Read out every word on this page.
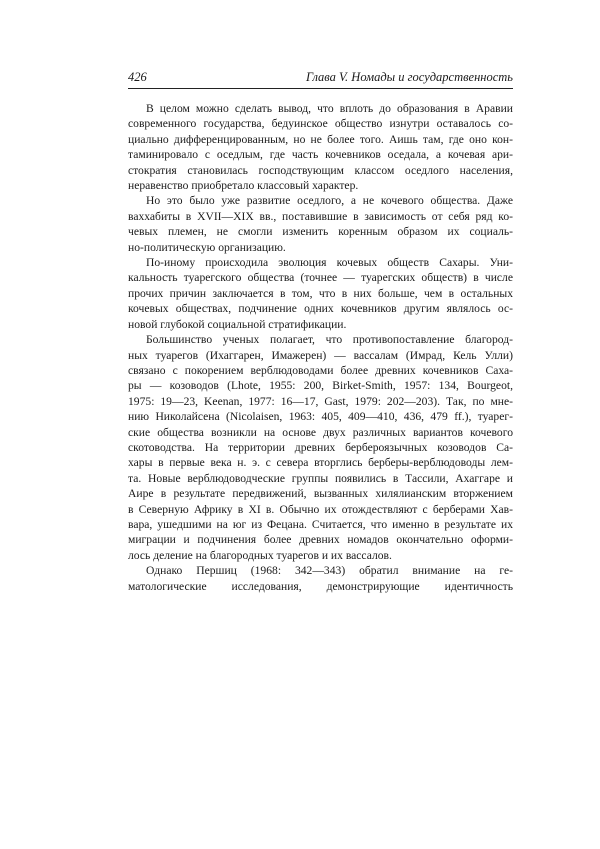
426	Глава V. Номады и государственность
В целом можно сделать вывод, что вплоть до образования в Аравии
современного государства, бедуинское общество изнутри оставалось со-
циально дифференцированным, но не более того. Аишь там, где оно кон-
таминировало с оседлым, где часть кочевников оседала, а кочевая ари-
стократия становилась господствующим классом оседлого населения,
неравенство приобретало классовый характер.
Но это было уже развитие оседлого, а не кочевого общества. Даже
ваххабиты в XVII—XIX вв., поставившие в зависимость от себя ряд ко-
чевых племен, не смогли изменить коренным образом их социаль-
но-политическую организацию.
По-иному происходила эволюция кочевых обществ Сахары. Уни-
кальность туарегского общества (точнее — туарегских обществ) в числе
прочих причин заключается в том, что в них больше, чем в остальных
кочевых обществах, подчинение одних кочевников другим являлось ос-
новой глубокой социальной стратификации.
Большинство ученых полагает, что противопоставление благород-
ных туарегов (Ихаггарен, Имажерен) — вассалам (Имрад, Кель Улли)
связано с покорением верблюдоводами более древних кочевников Саха-
ры — козоводов (Lhote, 1955: 200, Birket-Smith, 1957: 134, Bourgeot,
1975: 19—23, Keenan, 1977: 16—17, Gast, 1979: 202—203). Так, по мне-
нию Николайсена (Nicolaisen, 1963: 405, 409—410, 436, 479 ff.), туарег-
ские общества возникли на основе двух различных вариантов кочевого
скотоводства. На территории древних бербероязычных козоводов Са-
хары в первые века н. э. с севера вторглись берберы-верблюдоводы лем-
та. Новые верблюдоводческие группы появились в Тассили, Ахаггаре и
Аире в результате передвижений, вызванных хилялианским вторжением
в Северную Африку в XI в. Обычно их отождествляют с берберами Хав-
вара, ушедшими на юг из Фецана. Считается, что именно в результате их
миграции и подчинения более древних номадов окончательно оформи-
лось деление на благородных туарегов и их вассалов.
Однако Першиц (1968: 342—343) обратил внимание на ге-
матологические исследования, демонстрирующие идентичность
